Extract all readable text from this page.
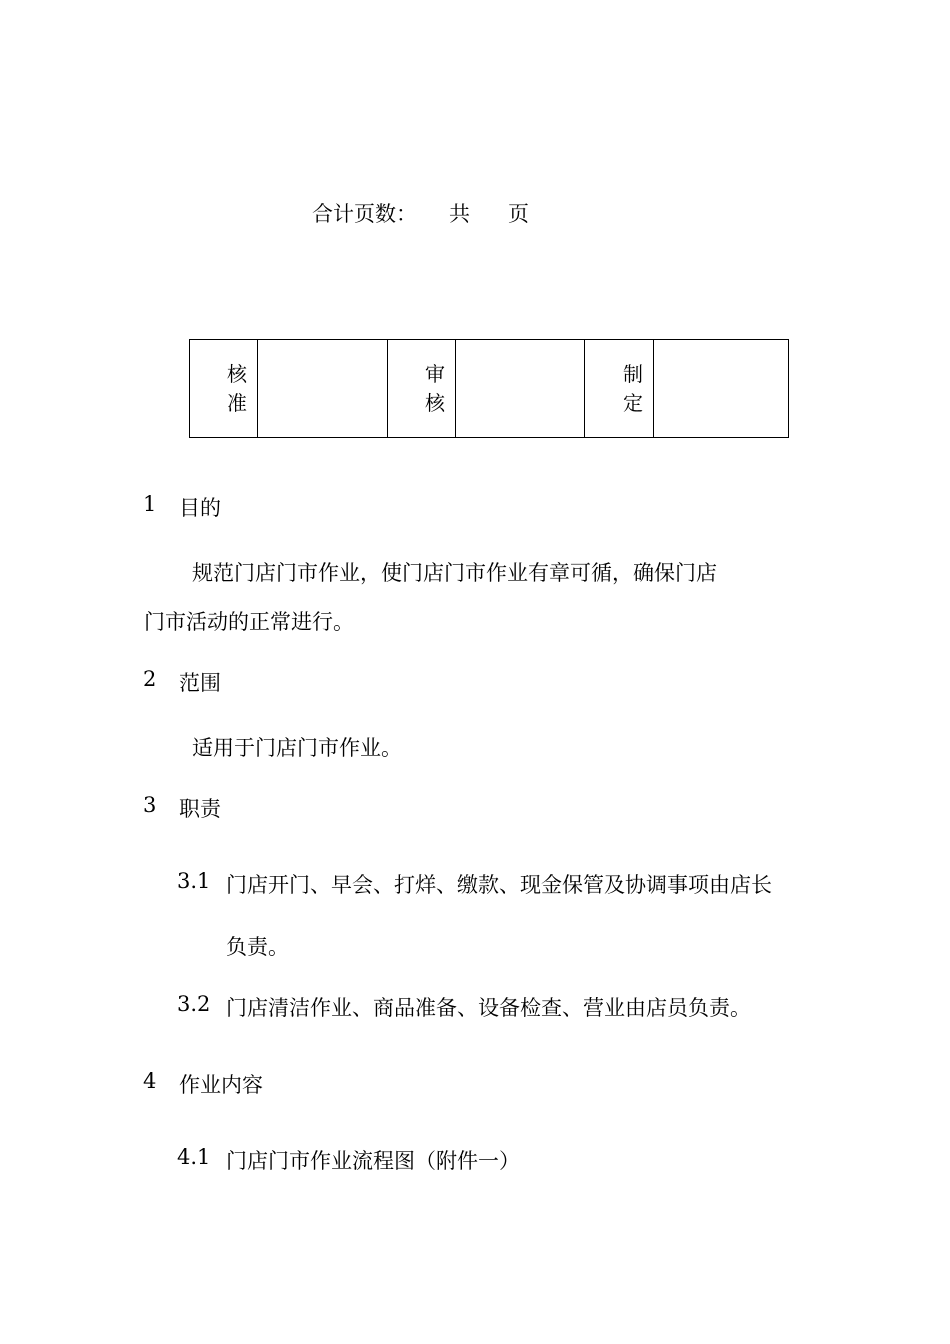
合计页数： 共 页
核准		审核		制定	
1 目的
规范门店门市作业，使门店门市作业有章可循，确保门店
门市活动的正常进行。
2 范围
适用于门店门市作业。
3 职责
3.1 门店开门、早会、打烊、缴款、现金保管及协调事项由店长
负责。
3.2 门店清洁作业、商品准备、设备检查、营业由店员负责。
4 作业内容
4.1 门店门市作业流程图（附件一）
